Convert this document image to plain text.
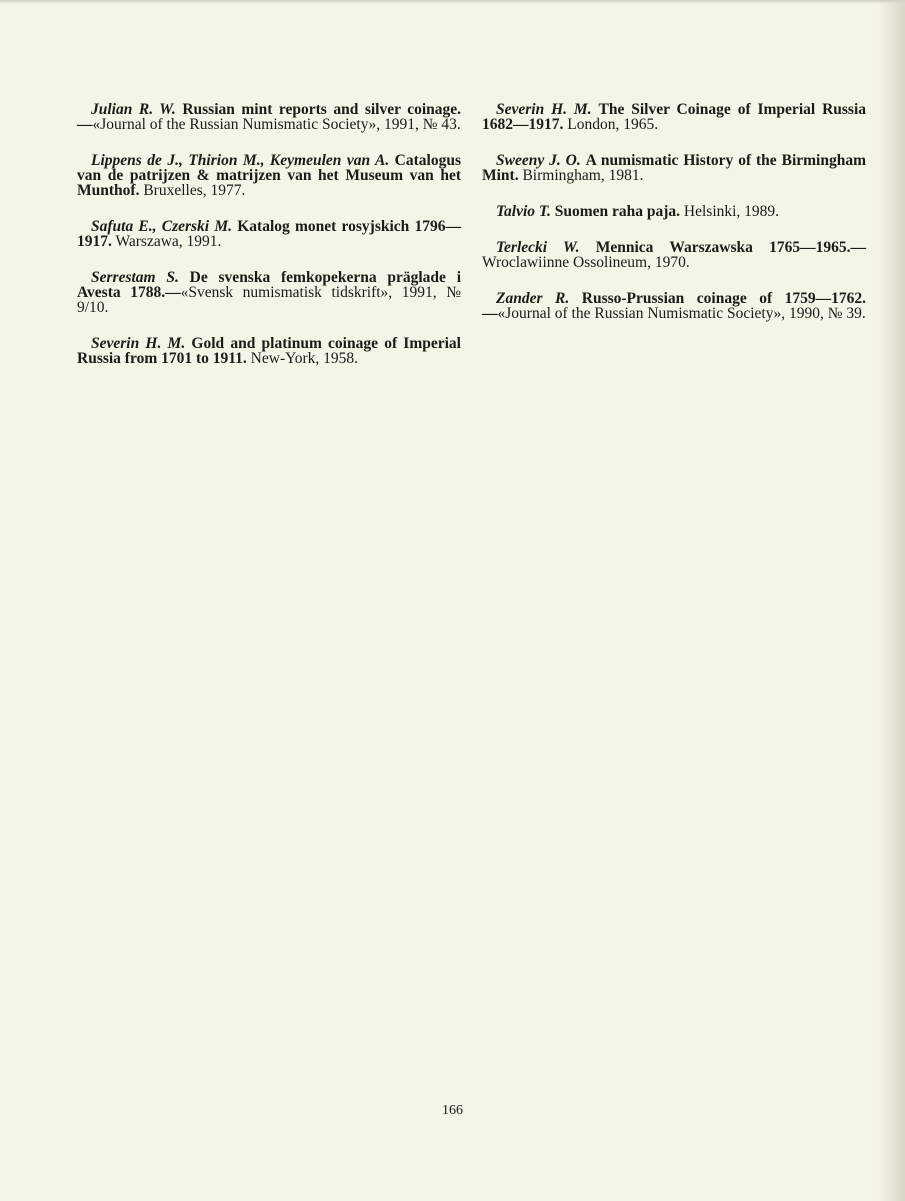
Julian R. W. Russian mint reports and silver coinage.—«Journal of the Russian Numismatic Society», 1991, № 43.

Lippens de J., Thirion M., Keymeulen van A. Catalogus van de patrijzen & matrijzen van het Museum van het Munthof. Bruxelles, 1977.

Safuta E., Czerski M. Katalog monet rosyjskich 1796—1917. Warszawa, 1991.

Serrestam S. De svenska femkopekerna präglade i Avesta 1788.—«Svensk numismatisk tidskrift», 1991, № 9/10.

Severin H. M. Gold and platinum coinage of Imperial Russia from 1701 to 1911. New-York, 1958.

Severin H. M. The Silver Coinage of Imperial Russia 1682—1917. London, 1965.

Sweeny J. O. A numismatic History of the Birmingham Mint. Birmingham, 1981.

Talvio T. Suomen raha paja. Helsinki, 1989.

Terlecki W. Mennica Warszawska 1765—1965.— Wroclawiinne Ossolineum, 1970.

Zander R. Russo-Prussian coinage of 1759—1762.—«Journal of the Russian Numismatic Society», 1990, № 39.

166
